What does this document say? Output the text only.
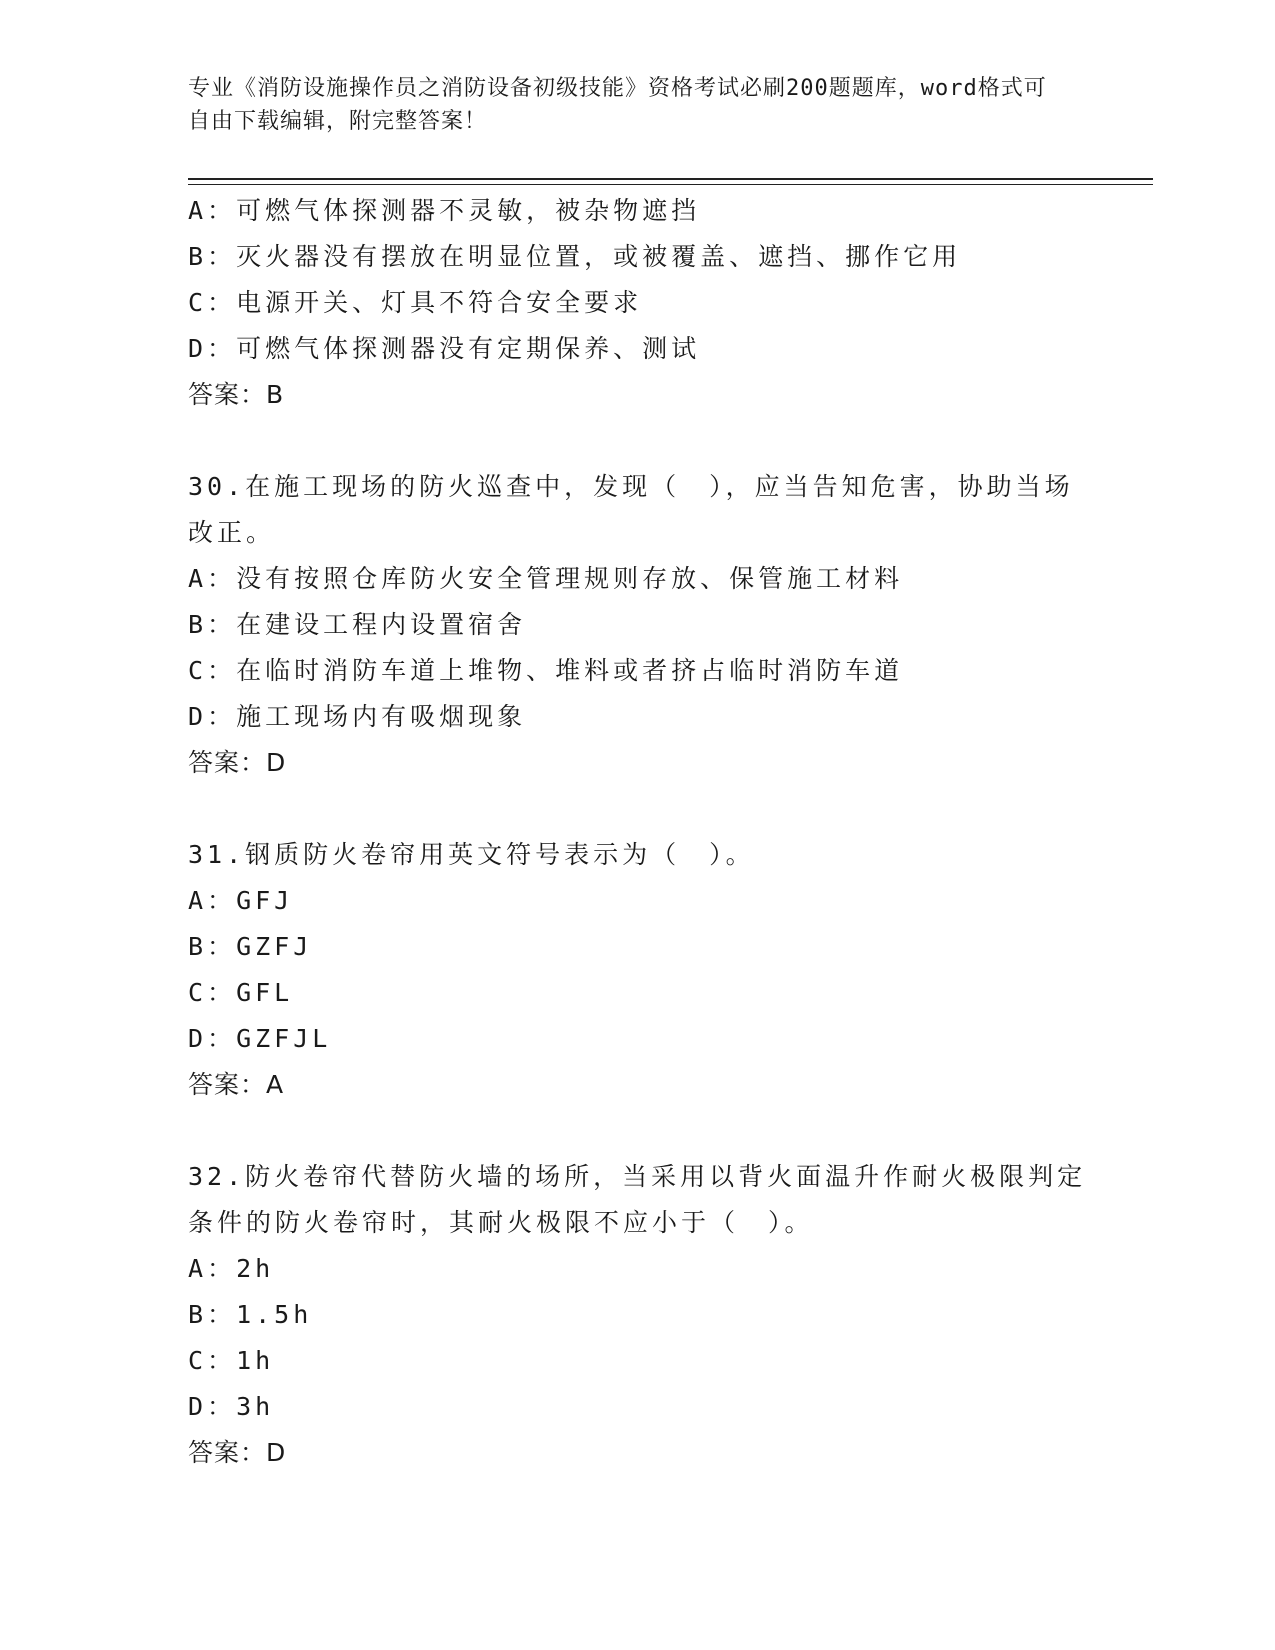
专业《消防设施操作员之消防设备初级技能》资格考试必刷200题题库，word格式可自由下载编辑，附完整答案！
A：可燃气体探测器不灵敏，被杂物遮挡
B：灭火器没有摆放在明显位置，或被覆盖、遮挡、挪作它用
C：电源开关、灯具不符合安全要求
D：可燃气体探测器没有定期保养、测试
答案：B
30.在施工现场的防火巡查中，发现（　），应当告知危害，协助当场改正。
A：没有按照仓库防火安全管理规则存放、保管施工材料
B：在建设工程内设置宿舍
C：在临时消防车道上堆物、堆料或者挤占临时消防车道
D：施工现场内有吸烟现象
答案：D
31.钢质防火卷帘用英文符号表示为（　）。
A：GFJ
B：GZFJ
C：GFL
D：GZFJL
答案：A
32.防火卷帘代替防火墙的场所，当采用以背火面温升作耐火极限判定条件的防火卷帘时，其耐火极限不应小于（　）。
A：2h
B：1.5h
C：1h
D：3h
答案：D
